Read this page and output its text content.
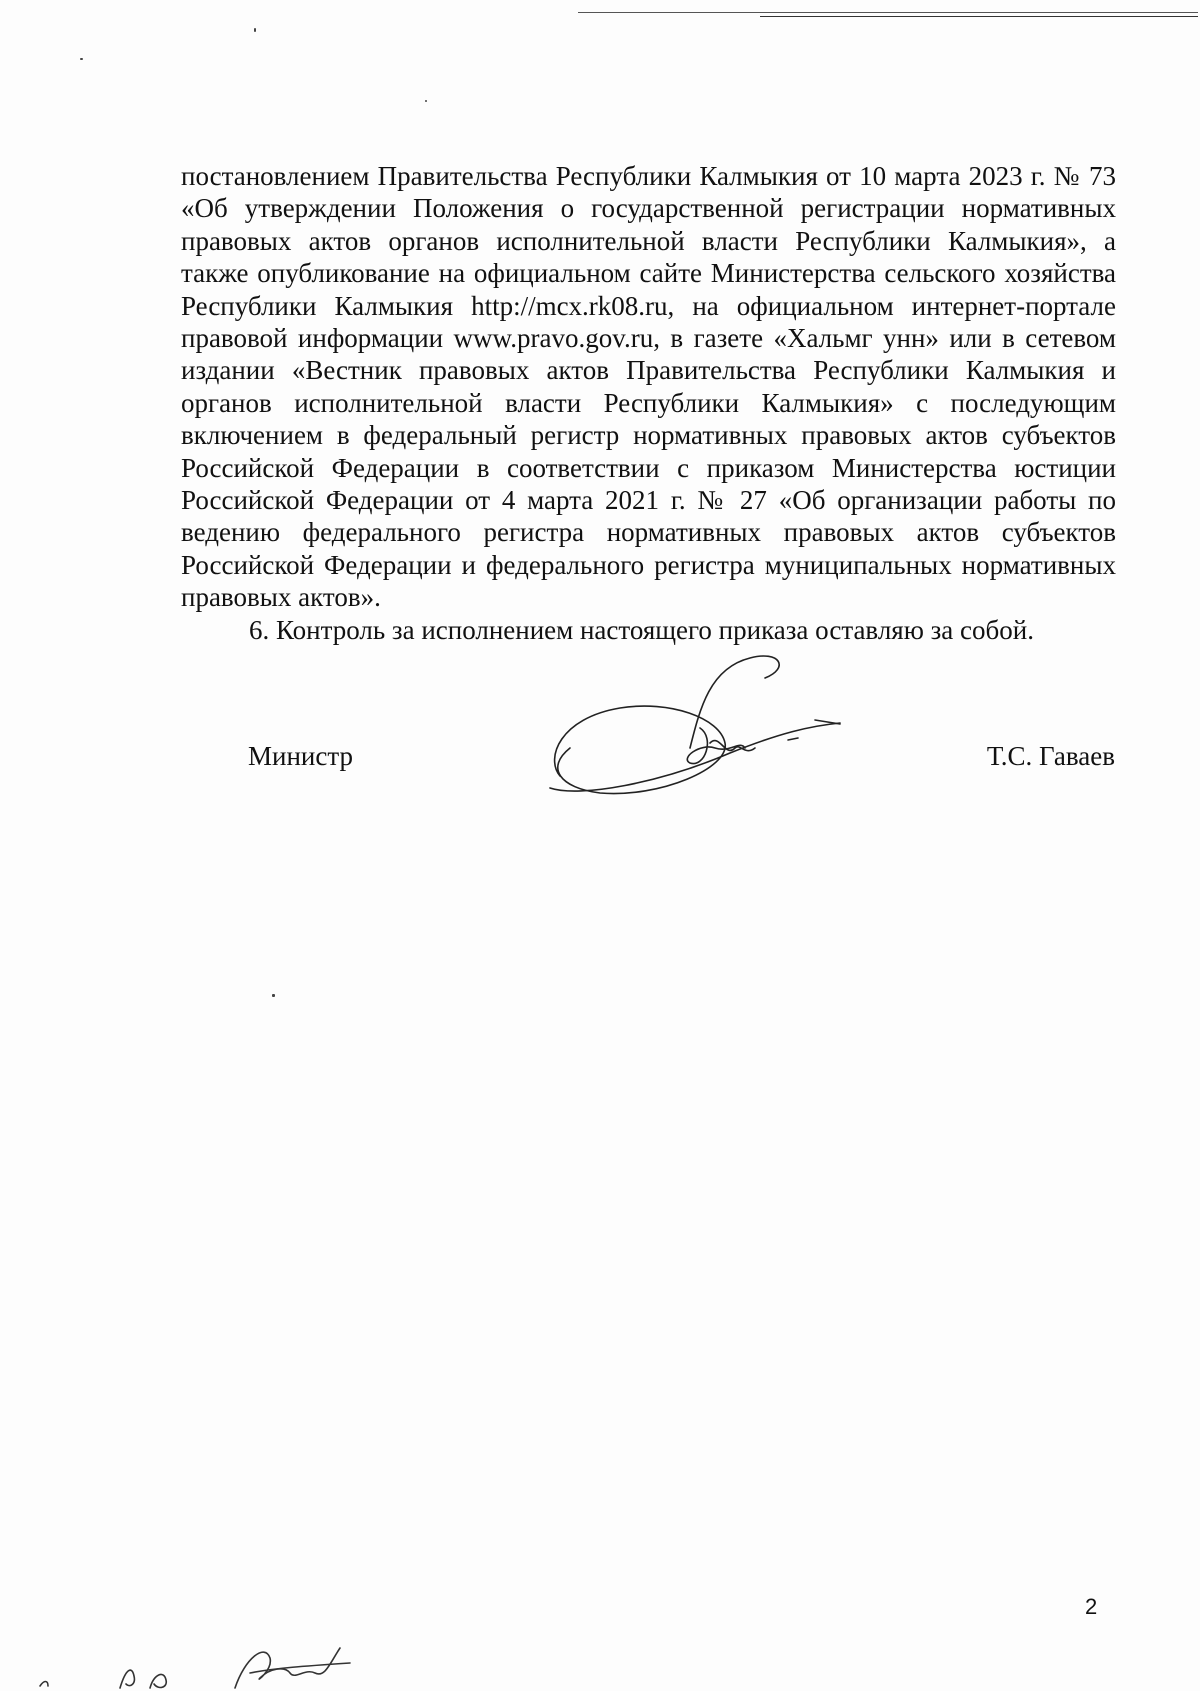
постановлением Правительства Республики Калмыкия от 10 марта 2023 г. № 73 «Об утверждении Положения о государственной регистрации нормативных правовых актов органов исполнительной власти Республики Калмыкия», а также опубликование на официальном сайте Министерства сельского хозяйства Республики Калмыкия http://mcx.rk08.ru, на официальном интернет-портале правовой информации www.pravo.gov.ru, в газете «Хальмг унн» или в сетевом издании «Вестник правовых актов Правительства Республики Калмыкия и органов исполнительной власти Республики Калмыкия» с последующим включением в федеральный регистр нормативных правовых актов субъектов Российской Федерации в соответствии с приказом Министерства юстиции Российской Федерации от 4 марта 2021 г. № 27 «Об организации работы по ведению федерального регистра нормативных правовых актов субъектов Российской Федерации и федерального регистра муниципальных нормативных правовых актов».

6. Контроль за исполнением настоящего приказа оставляю за собой.

Министр	Т.С. Гаваев
2
